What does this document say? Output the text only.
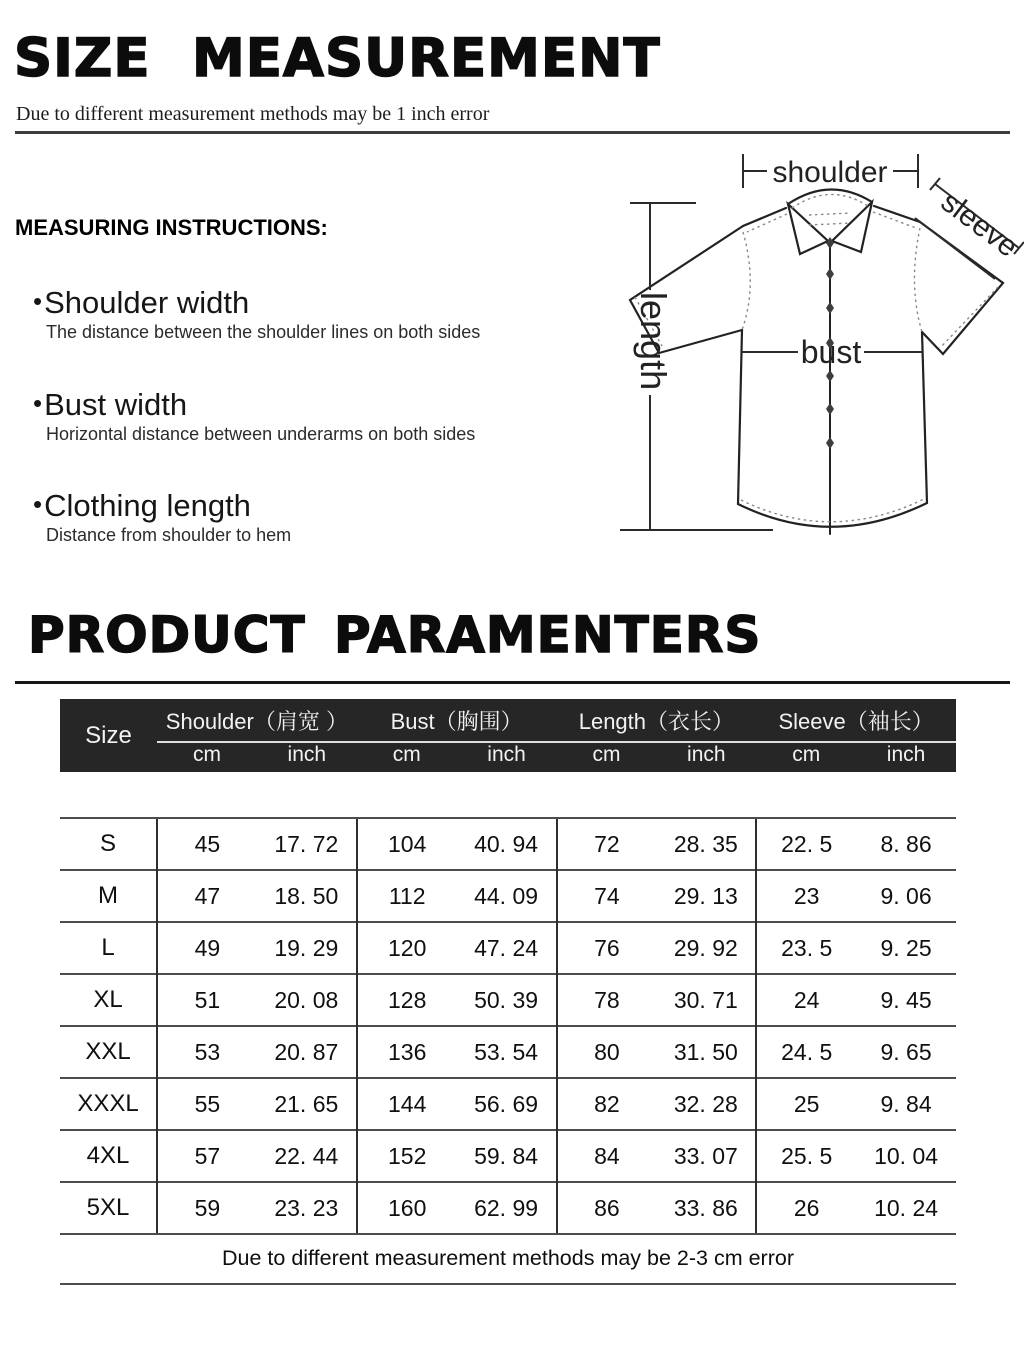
SIZE MEASUREMENT
Due to different measurement methods may be 1 inch error
MEASURING INSTRUCTIONS:
•Shoulder width
The distance between the shoulder lines on both sides
•Bust width
Horizontal distance between underarms on both sides
•Clothing length
Distance from shoulder to hem
shoulder
length	bust
sleeve
PRODUCT PARAMENTERS
Size	Shoulder（肩宽 ）		Bust（胸围）		Length（衣长）		Sleeve（袖长）	
	cm	inch	cm	inch	cm	inch	cm	inch

S	45	17. 72	104	40. 94	72	28. 35	22. 5	8. 86
M	47	18. 50	112	44. 09	74	29. 13	23	9. 06
L	49	19. 29	120	47. 24	76	29. 92	23. 5	9. 25
XL	51	20. 08	128	50. 39	78	30. 71	24	9. 45
XXL	53	20. 87	136	53. 54	80	31. 50	24. 5	9. 65
XXXL	55	21. 65	144	56. 69	82	32. 28	25	9. 84
4XL	57	22. 44	152	59. 84	84	33. 07	25. 5	10. 04
5XL	59	23. 23	160	62. 99	86	33. 86	26	10. 24
Due to different measurement methods may be 2-3 cm error
